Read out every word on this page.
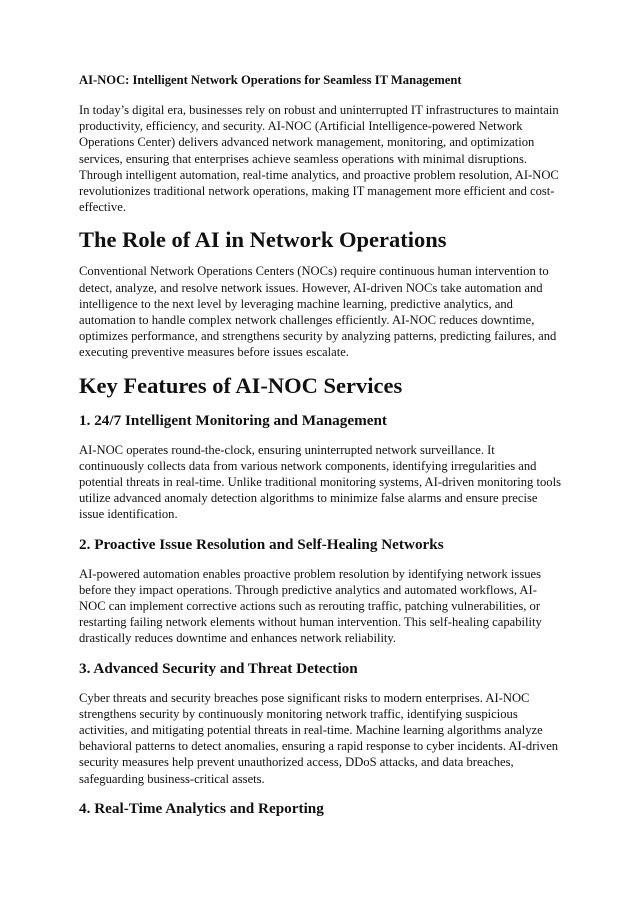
AI-NOC: Intelligent Network Operations for Seamless IT Management

In today’s digital era, businesses rely on robust and uninterrupted IT infrastructures to maintain productivity, efficiency, and security. AI-NOC (Artificial Intelligence-powered Network Operations Center) delivers advanced network management, monitoring, and optimization services, ensuring that enterprises achieve seamless operations with minimal disruptions. Through intelligent automation, real-time analytics, and proactive problem resolution, AI-NOC revolutionizes traditional network operations, making IT management more efficient and cost-effective.

The Role of AI in Network Operations

Conventional Network Operations Centers (NOCs) require continuous human intervention to detect, analyze, and resolve network issues. However, AI-driven NOCs take automation and intelligence to the next level by leveraging machine learning, predictive analytics, and automation to handle complex network challenges efficiently. AI-NOC reduces downtime, optimizes performance, and strengthens security by analyzing patterns, predicting failures, and executing preventive measures before issues escalate.

Key Features of AI-NOC Services
1. 24/7 Intelligent Monitoring and Management

AI-NOC operates round-the-clock, ensuring uninterrupted network surveillance. It continuously collects data from various network components, identifying irregularities and potential threats in real-time. Unlike traditional monitoring systems, AI-driven monitoring tools utilize advanced anomaly detection algorithms to minimize false alarms and ensure precise issue identification.

2. Proactive Issue Resolution and Self-Healing Networks

AI-powered automation enables proactive problem resolution by identifying network issues before they impact operations. Through predictive analytics and automated workflows, AI-NOC can implement corrective actions such as rerouting traffic, patching vulnerabilities, or restarting failing network elements without human intervention. This self-healing capability drastically reduces downtime and enhances network reliability.

3. Advanced Security and Threat Detection

Cyber threats and security breaches pose significant risks to modern enterprises. AI-NOC strengthens security by continuously monitoring network traffic, identifying suspicious activities, and mitigating potential threats in real-time. Machine learning algorithms analyze behavioral patterns to detect anomalies, ensuring a rapid response to cyber incidents. AI-driven security measures help prevent unauthorized access, DDoS attacks, and data breaches, safeguarding business-critical assets.

4. Real-Time Analytics and Reporting
